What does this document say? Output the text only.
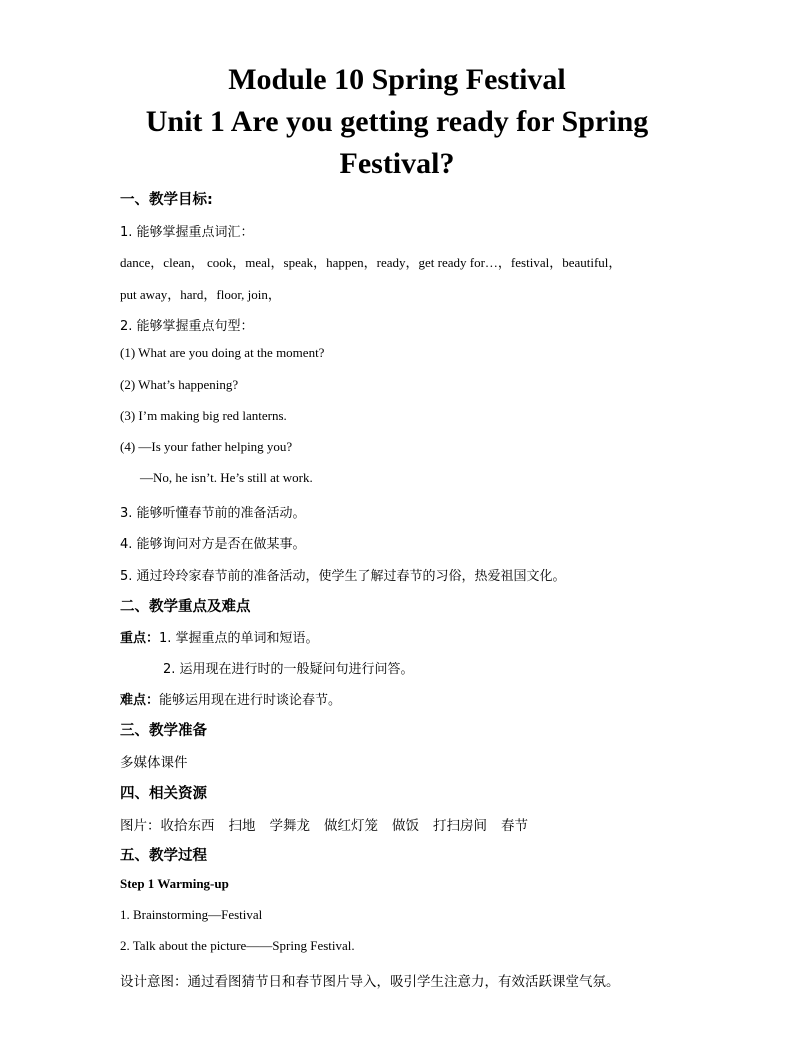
Module 10 Spring Festival
Unit 1 Are you getting ready for Spring
Festival?
一、教学目标:
1. 能够掌握重点词汇：
dance，clean， cook，meal，speak，happen，ready，get ready for…，festival，beautiful，
put away，hard，floor, join，
2. 能够掌握重点句型：
(1) What are you doing at the moment?
(2) What’s happening?
(3) I’m making big red lanterns.
(4) —Is your father helping you?
—No, he isn’t. He’s still at work.
3. 能够听懂春节前的准备活动。
4. 能够询问对方是否在做某事。
5. 通过玲玲家春节前的准备活动，使学生了解过春节的习俗，热爱祖国文化。
二、教学重点及难点
重点：1. 掌握重点的单词和短语。
2. 运用现在进行时的一般疑问句进行问答。
难点：能够运用现在进行时谈论春节。
三、教学准备
多媒体课件
四、相关资源
图片：收拾东西 扫地 学舞龙 做红灯笼 做饭 打扫房间 春节
五、教学过程
Step 1 Warming-up
1. Brainstorming—Festival
2. Talk about the picture——Spring Festival.
设计意图：通过看图猜节日和春节图片导入，吸引学生注意力，有效活跃课堂气氛。
